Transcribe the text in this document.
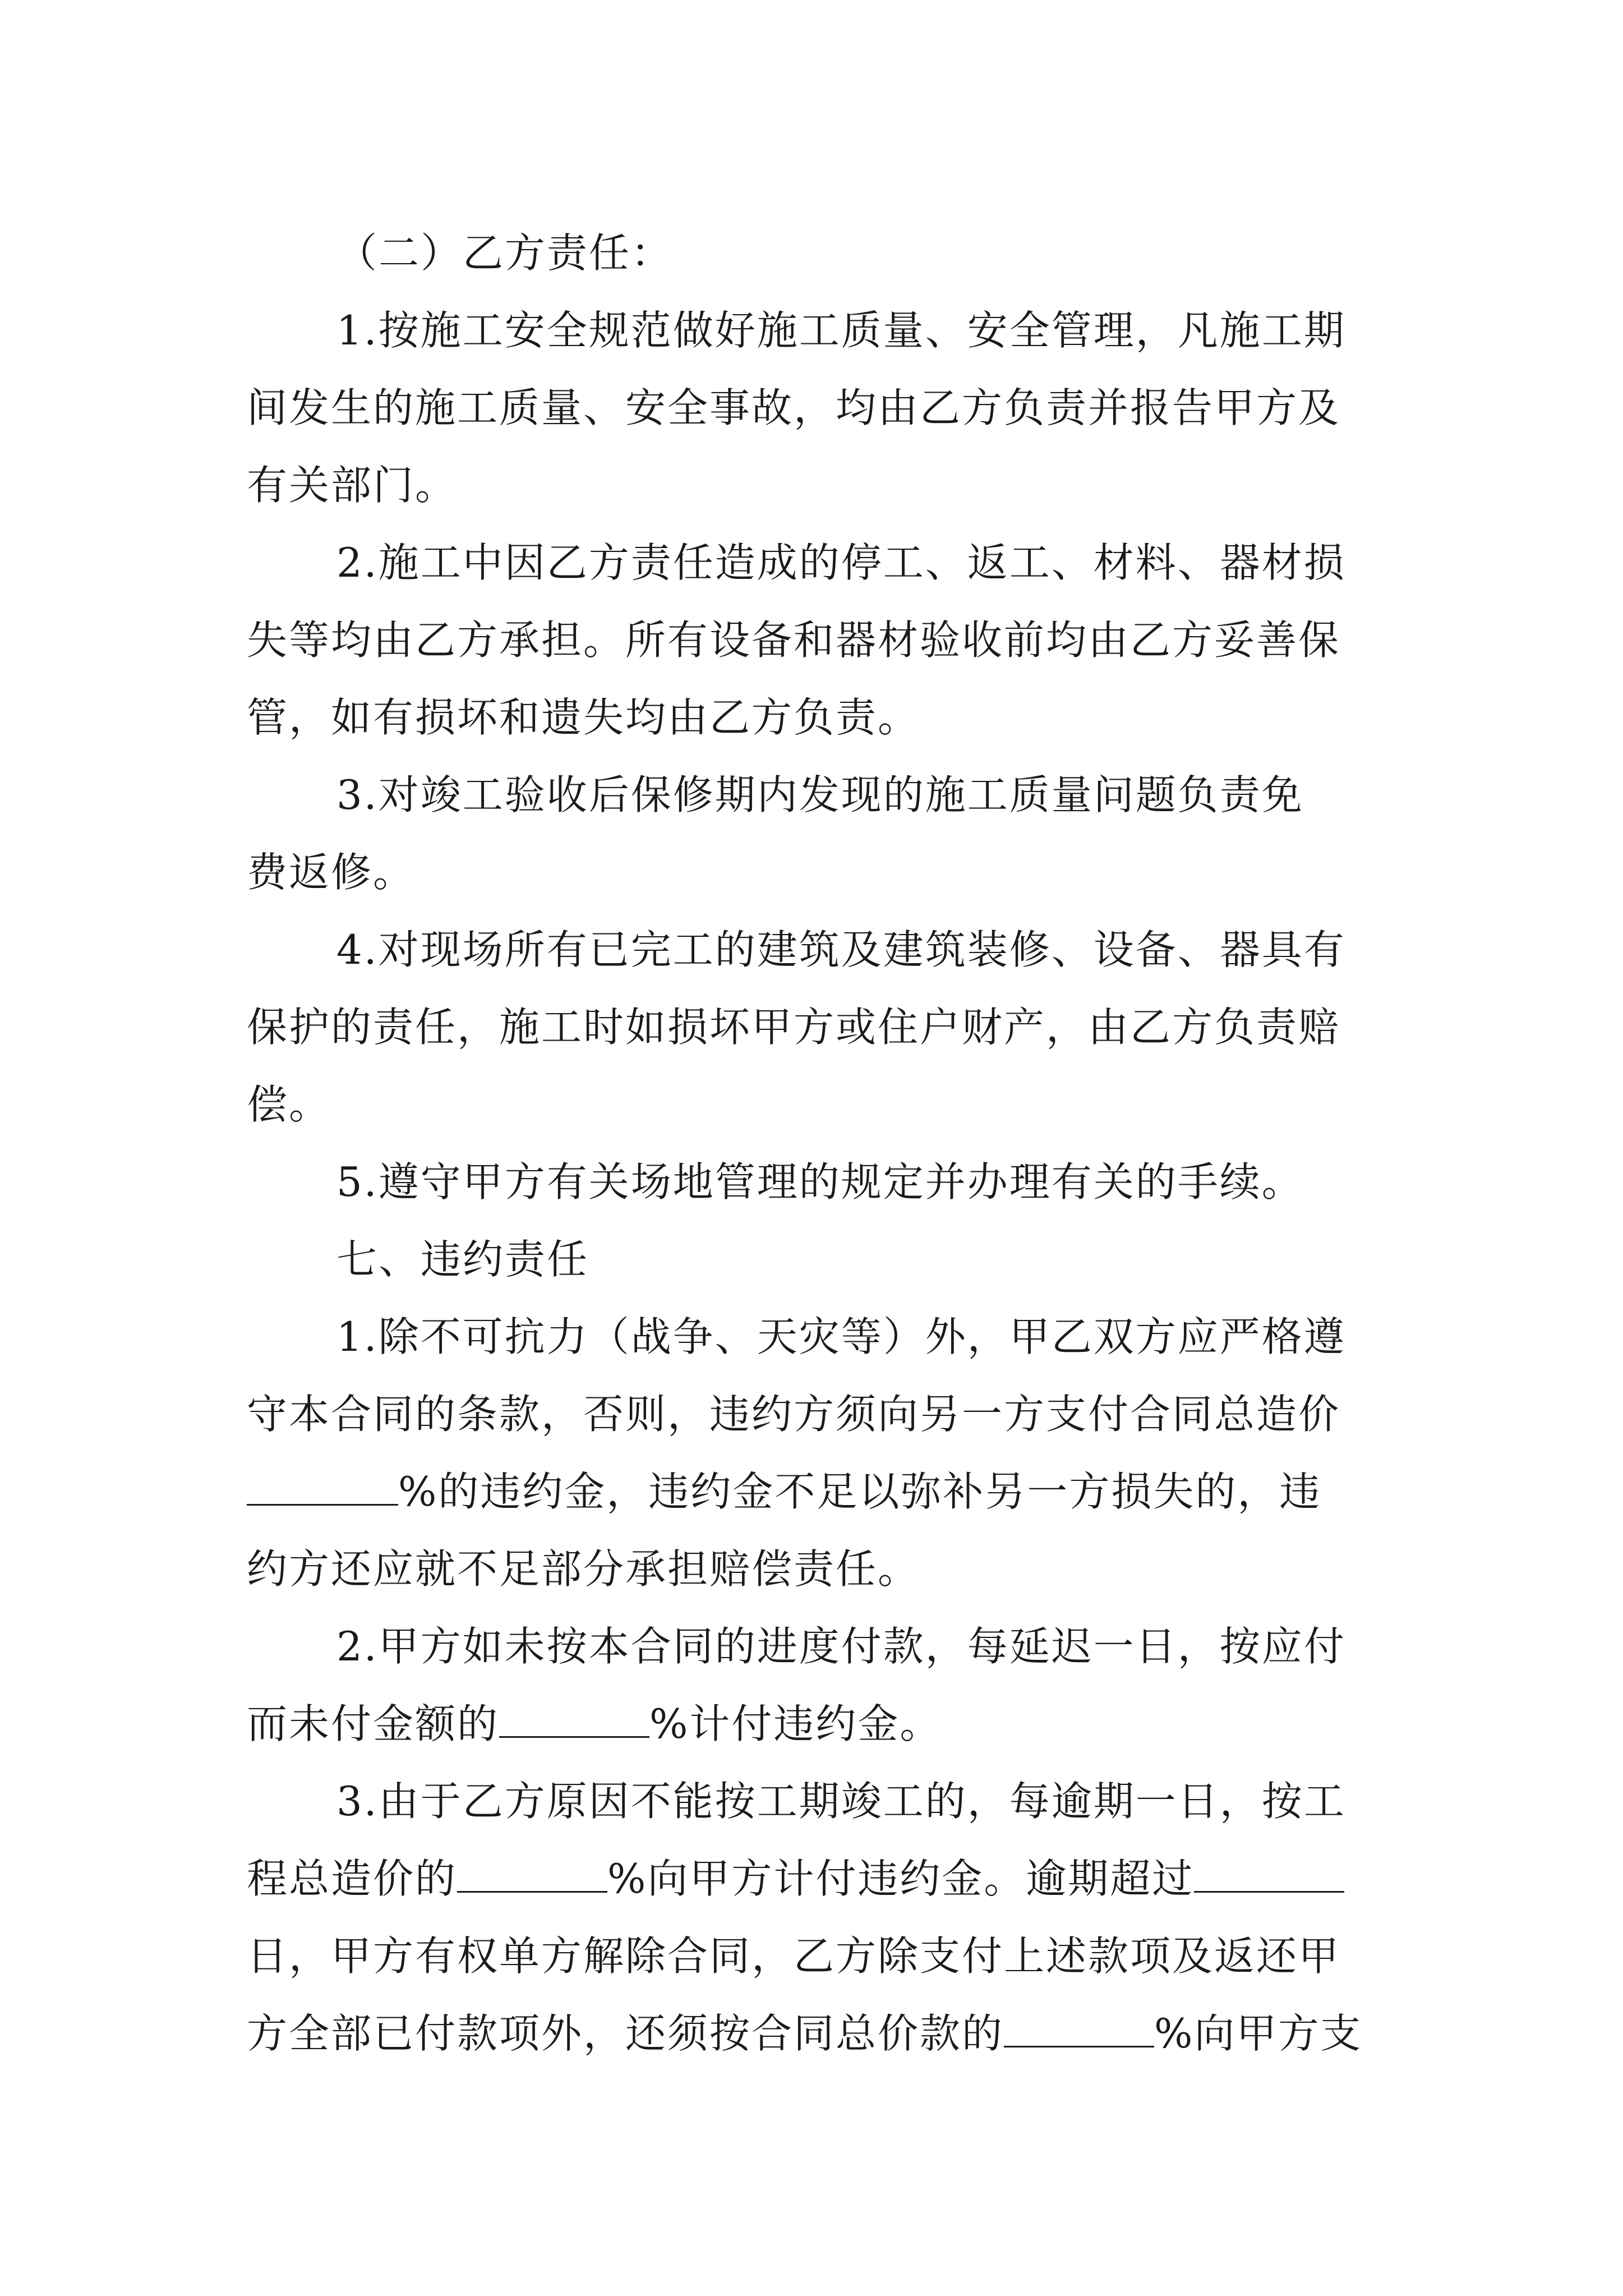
（二）乙方责任：
1.按施工安全规范做好施工质量、安全管理，凡施工期
间发生的施工质量、安全事故，均由乙方负责并报告甲方及
有关部门。
2.施工中因乙方责任造成的停工、返工、材料、器材损
失等均由乙方承担。所有设备和器材验收前均由乙方妥善保
管，如有损坏和遗失均由乙方负责。
3.对竣工验收后保修期内发现的施工质量问题负责免
费返修。
4.对现场所有已完工的建筑及建筑装修、设备、器具有
保护的责任，施工时如损坏甲方或住户财产，由乙方负责赔
偿。
5.遵守甲方有关场地管理的规定并办理有关的手续。
七、违约责任
1.除不可抗力（战争、天灾等）外，甲乙双方应严格遵
守本合同的条款，否则，违约方须向另一方支付合同总造价
%的违约金，违约金不足以弥补另一方损失的，违
约方还应就不足部分承担赔偿责任。
2.甲方如未按本合同的进度付款，每延迟一日，按应付
而未付金额的	%计付违约金。
3.由于乙方原因不能按工期竣工的，每逾期一日，按工
程总造价的	%向甲方计付违约金。逾期超过
日，甲方有权单方解除合同，乙方除支付上述款项及返还甲
方全部已付款项外，还须按合同总价款的	%向甲方支
